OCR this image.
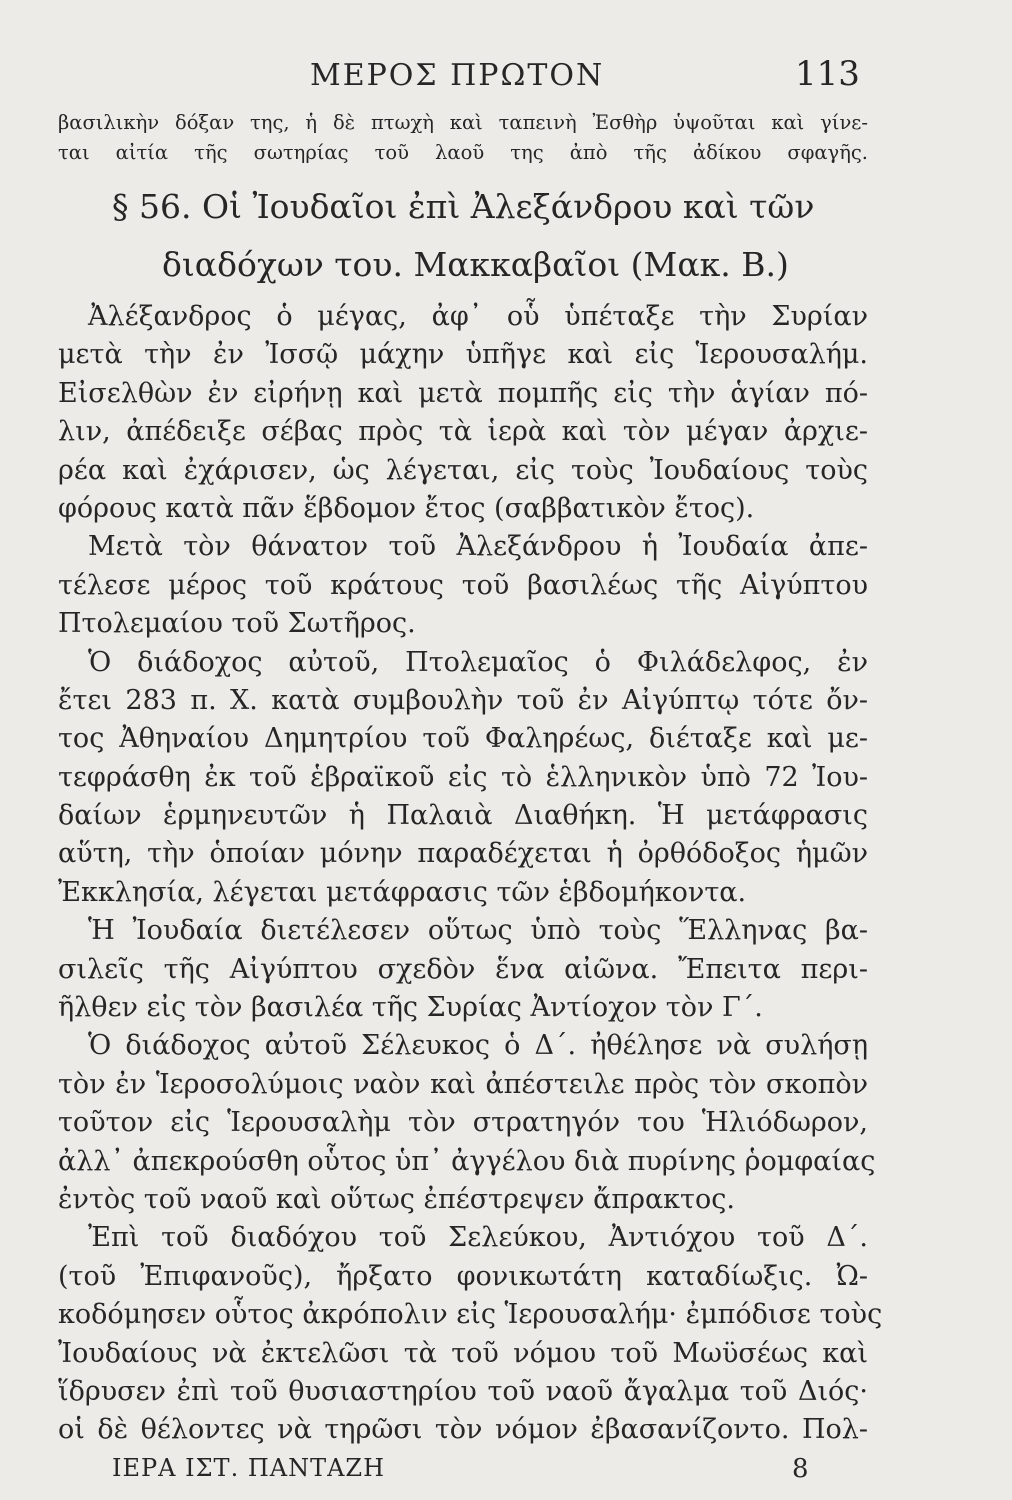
ΜΕΡΟΣ ΠΡΩΤΟΝ	113
βασιλικὴν δόξαν της, ἡ δὲ πτωχὴ καὶ ταπεινὴ Ἐσθὴρ ὑψοῦται καὶ γίνε-
ται αἰτία τῆς σωτηρίας τοῦ λαοῦ της ἀπὸ τῆς ἀδίκου σφαγῆς.
§ 56. Οἱ Ἰουδαῖοι ἐπὶ Ἀλεξάνδρου καὶ τῶν
διαδόχων του. Μακκαβαῖοι (Μακ. Β.)
Ἀλέξανδρος ὁ μέγας, ἀφ᾽ οὗ ὑπέταξε τὴν Συρίαν
μετὰ τὴν ἐν Ἰσσῷ μάχην ὑπῆγε καὶ εἰς Ἱερουσαλήμ.
Εἰσελθὼν ἐν εἰρήνῃ καὶ μετὰ πομπῆς εἰς τὴν ἁγίαν πό-
λιν, ἀπέδειξε σέβας πρὸς τὰ ἱερὰ καὶ τὸν μέγαν ἀρχιε-
ρέα καὶ ἐχάρισεν, ὡς λέγεται, εἰς τοὺς Ἰουδαίους τοὺς
φόρους κατὰ πᾶν ἕβδομον ἔτος (σαββατικὸν ἔτος).
Μετὰ τὸν θάνατον τοῦ Ἀλεξάνδρου ἡ Ἰουδαία ἀπε-
τέλεσε μέρος τοῦ κράτους τοῦ βασιλέως τῆς Αἰγύπτου
Πτολεμαίου τοῦ Σωτῆρος.
Ὁ διάδοχος αὐτοῦ, Πτολεμαῖος ὁ Φιλάδελφος, ἐν
ἔτει 283 π. Χ. κατὰ συμβουλὴν τοῦ ἐν Αἰγύπτῳ τότε ὄν-
τος Ἀθηναίου Δημητρίου τοῦ Φαληρέως, διέταξε καὶ με-
τεφράσθη ἐκ τοῦ ἑβραϊκοῦ εἰς τὸ ἑλληνικὸν ὑπὸ 72 Ἰου-
δαίων ἑρμηνευτῶν ἡ Παλαιὰ Διαθήκη. Ἡ μετάφρασις
αὕτη, τὴν ὁποίαν μόνην παραδέχεται ἡ ὀρθόδοξος ἡμῶν
Ἐκκλησία, λέγεται μετάφρασις τῶν ἑβδομήκοντα.
Ἡ Ἰουδαία διετέλεσεν οὕτως ὑπὸ τοὺς Ἕλληνας βα-
σιλεῖς τῆς Αἰγύπτου σχεδὸν ἕνα αἰῶνα. Ἔπειτα περι-
ῆλθεν εἰς τὸν βασιλέα τῆς Συρίας Ἀντίοχον τὸν Γ΄.
Ὁ διάδοχος αὐτοῦ Σέλευκος ὁ Δ΄. ἠθέλησε νὰ συλήσῃ
τὸν ἐν Ἱεροσολύμοις ναὸν καὶ ἀπέστειλε πρὸς τὸν σκοπὸν
τοῦτον εἰς Ἱερουσαλὴμ τὸν στρατηγόν του Ἡλιόδωρον,
ἀλλ᾽ ἀπεκρούσθη οὗτος ὑπ᾽ ἀγγέλου διὰ πυρίνης ῥομφαίας
ἐντὸς τοῦ ναοῦ καὶ οὕτως ἐπέστρεψεν ἄπρακτος.
Ἐπὶ τοῦ διαδόχου τοῦ Σελεύκου, Ἀντιόχου τοῦ Δ΄.
(τοῦ Ἐπιφανοῦς), ἤρξατο φονικωτάτη καταδίωξις. Ὠ-
κοδόμησεν οὗτος ἀκρόπολιν εἰς Ἱερουσαλήμ· ἐμπόδισε τοὺς
Ἰουδαίους νὰ ἐκτελῶσι τὰ τοῦ νόμου τοῦ Μωϋσέως καὶ
ἵδρυσεν ἐπὶ τοῦ θυσιαστηρίου τοῦ ναοῦ ἄγαλμα τοῦ Διός·
οἱ δὲ θέλοντες νὰ τηρῶσι τὸν νόμον ἐβασανίζοντο. Πολ-
ΙΕΡΑ ΙΣΤ. ΠΑΝΤΑΖΗ	8
